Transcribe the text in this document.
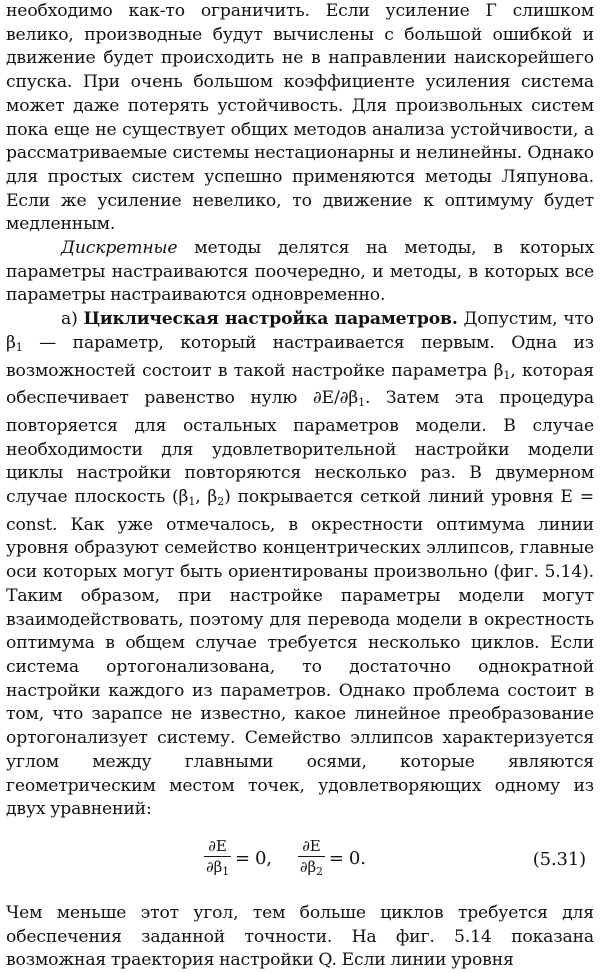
необходимо как-то ограничить. Если усиление Г слишком велико, производные будут вычислены с большой ошибкой и движение будет происходить не в направлении наискорейшего спуска. При очень большом коэффициенте усиления система может даже потерять устойчивость. Для произвольных систем пока еще не существует общих методов анализа устойчивости, а рассматриваемые системы нестационарны и нелинейны. Однако для простых систем успешно применяются методы Ляпунова. Если же усиление невелико, то движение к оптимуму будет медленным.

Дискретные методы делятся на методы, в которых параметры настраиваются поочередно, и методы, в которых все параметры настраиваются одновременно.

а) Циклическая настройка параметров. Допустим, что $\beta_1$ — параметр, который настраивается первым. Одна из возможностей состоит в такой настройке параметра $\beta_1$, которая обеспечивает равенство нулю $\partial E/\partial\beta_1$. Затем эта процедура повторяется для остальных параметров модели. В случае необходимости для удовлетворительной настройки модели циклы настройки повторяются несколько раз. В двумерном случае плоскость ($\beta_1$, $\beta_2$) покрывается сеткой линий уровня E = const. Как уже отмечалось, в окрестности оптимума линии уровня образуют семейство концентрических эллипсов, главные оси которых могут быть ориентированы произвольно (фиг. 5.14). Таким образом, при настройке параметры модели могут взаимодействовать, поэтому для перевода модели в окрестность оптимума в общем случае требуется несколько циклов. Если система ортогонализована, то достаточно однократной настройки каждого из параметров. Однако проблема состоит в том, что зарапсе не известно, какое линейное преобразование ортогонализует систему. Семейство эллипсов характеризуется углом между главными осями, которые являются геометрическим местом точек, удовлетворяющих одному из двух уравнений:

$\frac{\partial E}{\partial\beta_1} = 0$, $\frac{\partial E}{\partial\beta_2} = 0$.	(5.31)

Чем меньше этот угол, тем больше циклов требуется для обеспечения заданной точности. На фиг. 5.14 показана возможная траектория настройки Q. Если линии уровня
